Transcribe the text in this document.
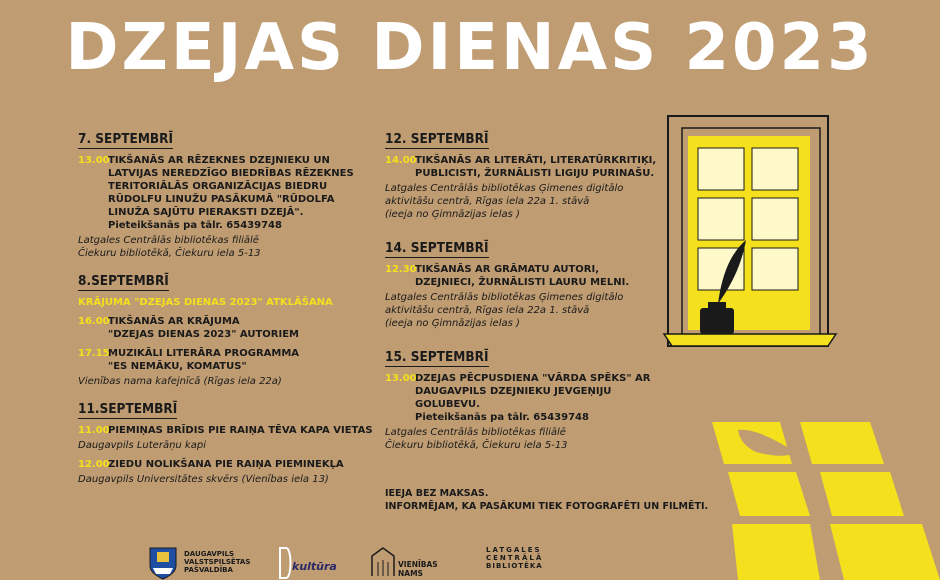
DZEJAS DIENAS 2023
7. SEPTEMBRĪ
13.00
TIKŠANĀS AR RĒZEKNES DZEJNIEKU UN
LATVIJAS NEREDZĪGO BIEDRĪBAS RĒZEKNES
TERITORIĀLĀS ORGANIZĀCIJAS BIEDRU
RŪDOLFU LINUŽU PASĀKUMĀ "RŪDOLFA
LINUŽA SAJŪTU PIERAKSTI DZEJĀ".
Pieteikšanās pa tālr. 65439748
Latgales Centrālās bibliotēkas filiālē
Čiekuru bibliotēkā, Čiekuru iela 5-13
8.SEPTEMBRĪ
KRĀJUMA "DZEJAS DIENAS 2023" ATKLĀŠANA
16.00
TIKŠANĀS AR KRĀJUMA
"DZEJAS DIENAS 2023" AUTORIEM
17.15
MUZIKĀLI LITERĀRA PROGRAMMA
"ES NEMĀKU, KOMATUS"
Vienības nama kafejnīcā (Rīgas iela 22a)
11.SEPTEMBRĪ
11.00
PIEMIŅAS BRĪDIS PIE RAIŅA TĒVA KAPA VIETAS
Daugavpils Luterāņu kapi
12.00
ZIEDU NOLIKŠANA PIE RAIŅA PIEMINEKĻA
Daugavpils Universitātes skvērs (Vienības iela 13)
12. SEPTEMBRĪ
14.00
TIKŠANĀS AR LITERĀTI, LITERATŪRKRITIĶI,
PUBLICISTI, ŽURNĀLISTI LIGIJU PURINAŠU.
Latgales Centrālās bibliotēkas Ģimenes digitālo
aktivitāšu centrā, Rīgas iela 22a 1. stāvā
(ieeja no Ģimnāzijas ielas )
14. SEPTEMBRĪ
12.30
TIKŠANĀS AR GRĀMATU AUTORI,
DZEJNIECI, ŽURNĀLISTI LAURU MELNI.
Latgales Centrālās bibliotēkas Ģimenes digitālo
aktivitāšu centrā, Rīgas iela 22a 1. stāvā
(ieeja no Ģimnāzijas ielas )
15. SEPTEMBRĪ
13.00
DZEJAS PĒCPUSDIENA "VĀRDA SPĒKS" AR
DAUGAVPILS DZEJNIEKU JEVGEŅIJU GOLUBEVU.
Pieteikšanās pa tālr. 65439748
Latgales Centrālās bibliotēkas filiālē
Čiekuru bibliotēkā, Čiekuru iela 5-13
IEEJA BEZ MAKSAS.
INFORMĒJAM, KA PASĀKUMI TIEK FOTOGRAFĒTI UN FILMĒTI.
DAUGAVPILS
VALSTSPILSĒTAS
PAŠVALDĪBA	kultūra	VIENĪBAS NAMS
LATGALES
CENTRĀLĀ
BIBLIOTĒKA
